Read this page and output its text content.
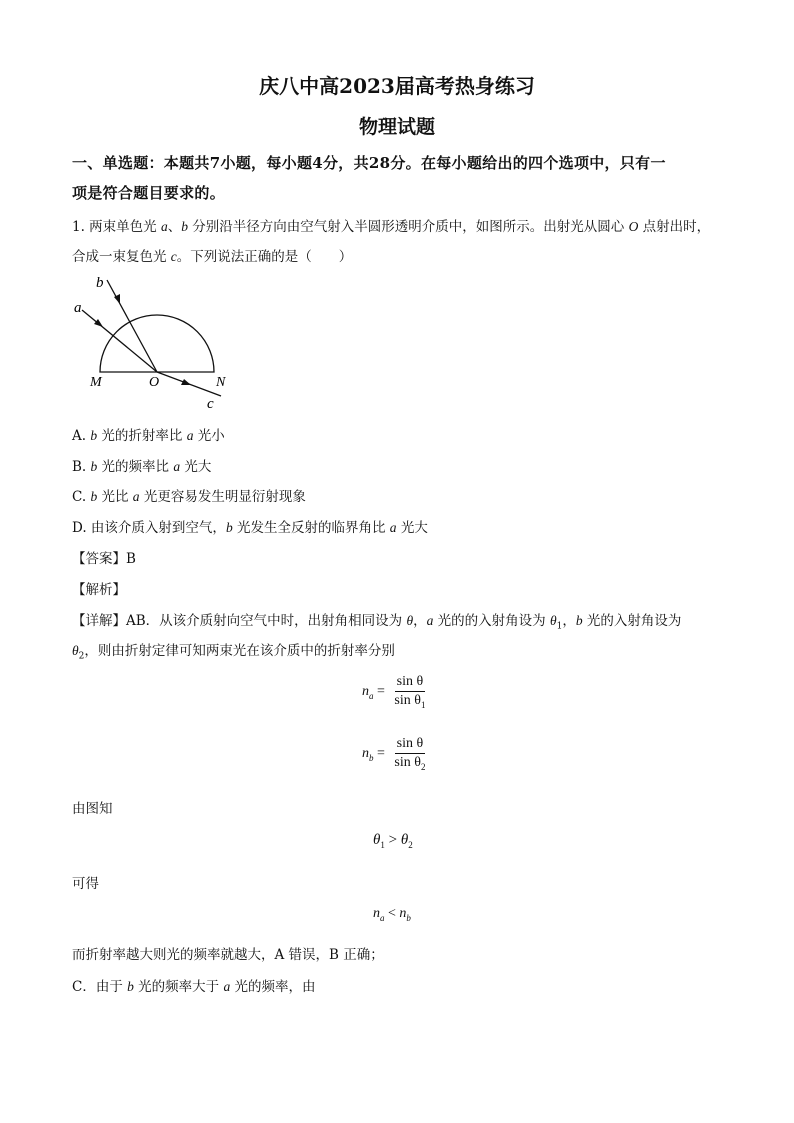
庆八中高2023届高考热身练习
物理试题
一、单选题：本题共7小题，每小题4分，共28分。在每小题给出的四个选项中，只有一
项是符合题目要求的。
1. 两束单色光 a、b 分别沿半径方向由空气射入半圆形透明介质中，如图所示。出射光从圆心 O 点射出时，
合成一束复色光 c。下列说法正确的是（　　）
a
b
M	O	N
c
A. b 光的折射率比 a 光小
B. b 光的频率比 a 光大
C. b 光比 a 光更容易发生明显衍射现象
D. 由该介质入射到空气，b 光发生全反射的临界角比 a 光大
【答案】B
【解析】
【详解】AB．从该介质射向空气中时，出射角相同设为 θ，a 光的的入射角设为 $\theta_1$，b 光的入射角设为
$\theta_2$，则由折射定律可知两束光在该介质中的折射率分别
$n_a = \frac{\text{sin θ}}{\sin \theta_1}$
$n_b = \frac{\text{sin θ}}{\sin \theta_2}$
由图知
$\theta_1 > \theta_2$
可得
$n_a < n_b$
而折射率越大则光的频率就越大，A 错误，B 正确；
C．由于 b 光的频率大于 a 光的频率，由
